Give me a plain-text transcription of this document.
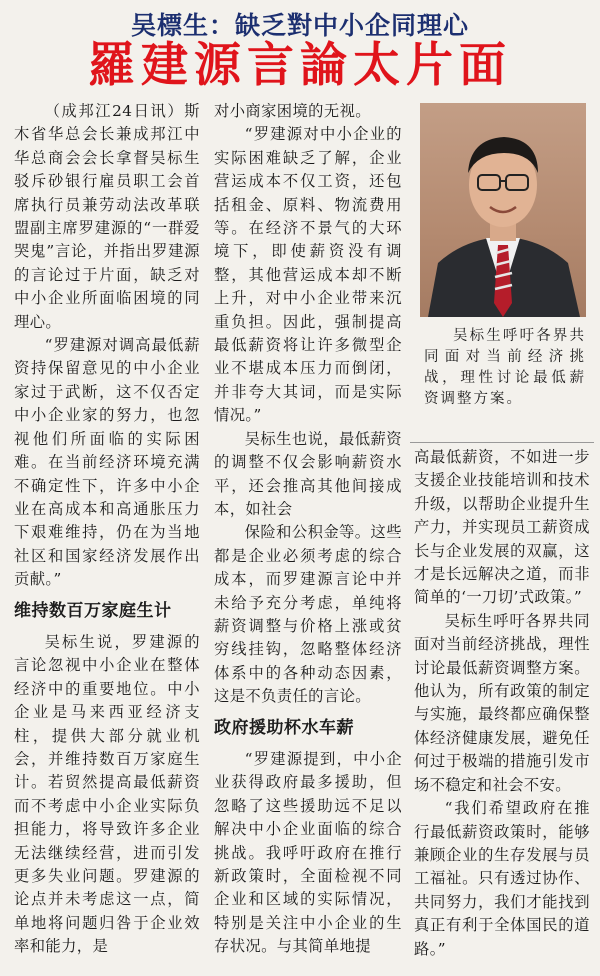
吴標生：缺乏對中小企同理心
羅建源言論太片面

（成邦江24日讯）斯木省华总会长兼成邦江中华总商会会长拿督吴标生驳斥砂银行雇员职工会首席执行员兼劳动法改革联盟副主席罗建源的“一群爱哭鬼”言论，并指出罗建源的言论过于片面，缺乏对中小企业所面临困境的同理心。

“罗建源对调高最低薪资持保留意见的中小企业家过于武断，这不仅否定中小企业家的努力，也忽视他们所面临的实际困难。在当前经济环境充满不确定性下，许多中小企业在高成本和高通胀压力下艰难维持，仍在为当地社区和国家经济发展作出贡献。”

维持数百万家庭生计

吴标生说，罗建源的言论忽视中小企业在整体经济中的重要地位。中小企业是马来西亚经济支柱，提供大部分就业机会，并维持数百万家庭生计。若贸然提高最低薪资而不考虑中小企业实际负担能力，将导致许多企业无法继续经营，进而引发更多失业问题。罗建源的论点并未考虑这一点，简单地将问题归咎于企业效率和能力，是

对小商家困境的无视。

“罗建源对中小企业的实际困难缺乏了解，企业营运成本不仅工资，还包括租金、原料、物流费用等。在经济不景气的大环境下，即使薪资没有调整，其他营运成本却不断上升，对中小企业带来沉重负担。因此，强制提高最低薪资将让许多微型企业不堪成本压力而倒闭，并非夸大其词，而是实际情况。”

吴标生也说，最低薪资的调整不仅会影响薪资水平，还会推高其他间接成本，如社会

保险和公积金等。这些都是企业必须考虑的综合成本，而罗建源言论中并未给予充分考虑，单纯将薪资调整与价格上涨或贫穷线挂钩，忽略整体经济体系中的各种动态因素，这是不负责任的言论。

政府援助杯水车薪

“罗建源提到，中小企业获得政府最多援助，但忽略了这些援助远不足以解决中小企业面临的综合挑战。我呼吁政府在推行新政策时，全面检视不同企业和区域的实际情况，特别是关注中小企业的生存状况。与其简单地提

吴标生呼吁各界共同面对当前经济挑战，理性讨论最低薪资调整方案。

高最低薪资，不如进一步支援企业技能培训和技术升级，以帮助企业提升生产力，并实现员工薪资成长与企业发展的双赢，这才是长远解决之道，而非简单的‘一刀切’式政策。”

吴标生呼吁各界共同面对当前经济挑战，理性讨论最低薪资调整方案。他认为，所有政策的制定与实施，最终都应确保整体经济健康发展，避免任何过于极端的措施引发市场不稳定和社会不安。

“我们希望政府在推行最低薪资政策时，能够兼顾企业的生存发展与员工福祉。只有透过协作、共同努力，我们才能找到真正有利于全体国民的道路。”
